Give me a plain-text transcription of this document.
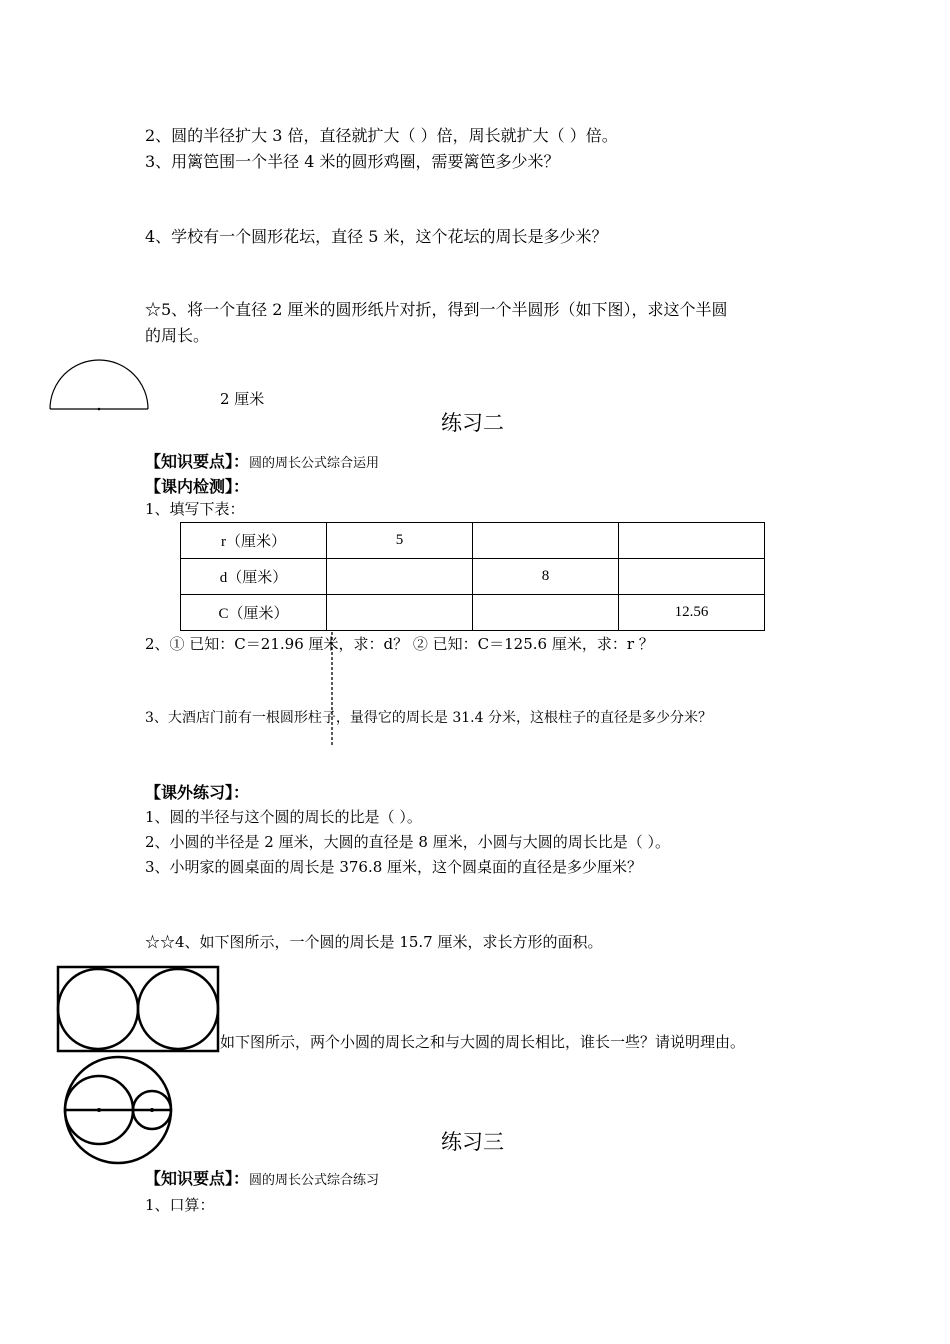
2、圆的半径扩大 3 倍，直径就扩大（ ）倍，周长就扩大（ ）倍。
3、用篱笆围一个半径 4 米的圆形鸡圈，需要篱笆多少米？
4、学校有一个圆形花坛，直径 5 米，这个花坛的周长是多少米？
☆5、将一个直径 2 厘米的圆形纸片对折，得到一个半圆形（如下图），求这个半圆
的周长。
2 厘米
练习二
【知识要点】：圆的周长公式综合运用
【课内检测】：
1、填写下表：
r（厘米）	5		
d（厘米）		8	
C（厘米）			12.56
2、① 已知：C＝21.96 厘米，求：d？ ② 已知：C＝125.6 厘米，求：r ？
3、大酒店门前有一根圆形柱子，量得它的周长是 31.4 分米，这根柱子的直径是多少分米？
【课外练习】：
1、圆的半径与这个圆的周长的比是（ ）。
2、小圆的半径是 2 厘米，大圆的直径是 8 厘米，小圆与大圆的周长比是（ ）。
3、小明家的圆桌面的周长是 376.8 厘米，这个圆桌面的直径是多少厘米？
☆☆4、如下图所示，一个圆的周长是 15.7 厘米，求长方形的面积。
如下图所示，两个小圆的周长之和与大圆的周长相比，谁长一些？请说明理由。
练习三
【知识要点】：圆的周长公式综合练习
1、口算：
